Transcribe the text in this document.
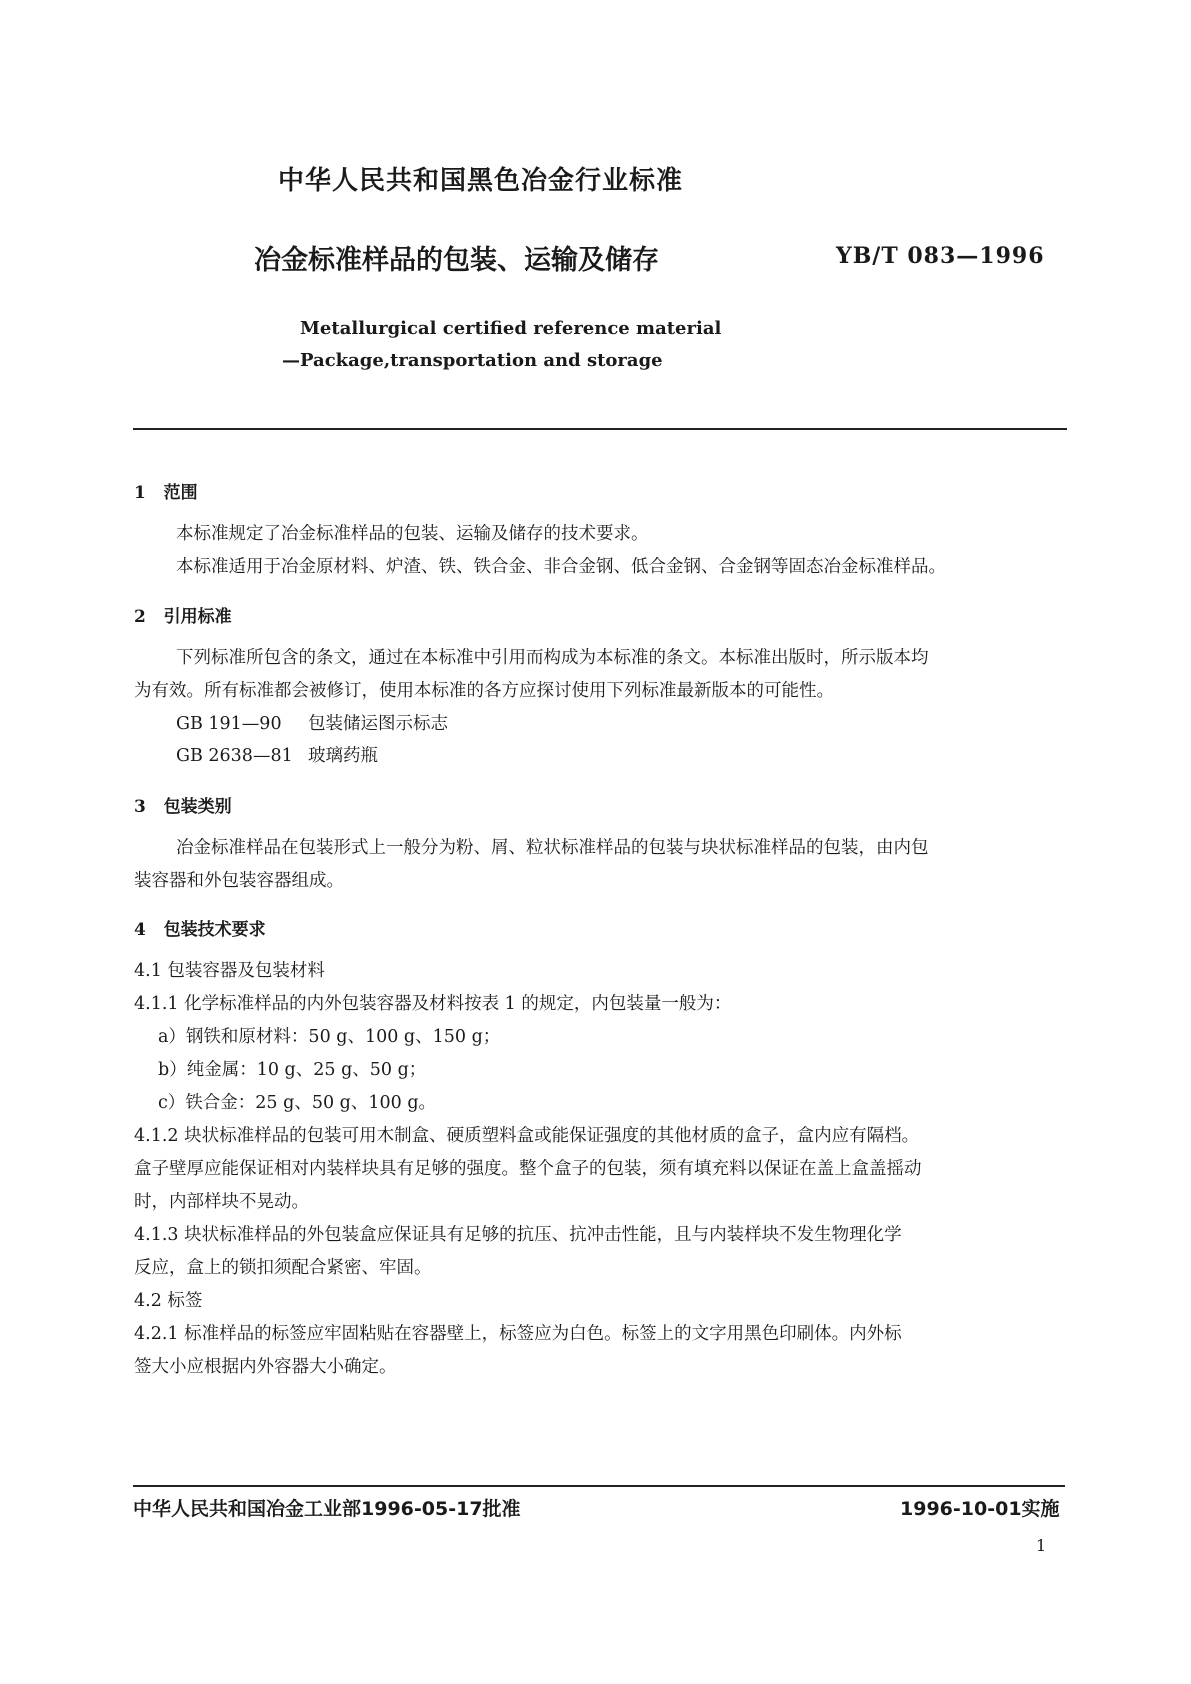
中华人民共和国黑色冶金行业标准
冶金标准样品的包装、运输及储存	YB/T 083—1996
Metallurgical certified reference material
—Package,transportation and storage
1 范围

本标准规定了冶金标准样品的包装、运输及储存的技术要求。

本标准适用于冶金原材料、炉渣、铁、铁合金、非合金钢、低合金钢、合金钢等固态冶金标准样品。

2 引用标准

下列标准所包含的条文，通过在本标准中引用而构成为本标准的条文。本标准出版时，所示版本均

为有效。所有标准都会被修订，使用本标准的各方应探讨使用下列标准最新版本的可能性。

GB 191—90 包装储运图示标志
GB 2638—81 玻璃药瓶
3 包装类别

冶金标准样品在包装形式上一般分为粉、屑、粒状标准样品的包装与块状标准样品的包装，由内包

装容器和外包装容器组成。

4 包装技术要求

4.1 包装容器及包装材料

4.1.1 化学标准样品的内外包装容器及材料按表 1 的规定，内包装量一般为：

a）钢铁和原材料：50 g、100 g、150 g；

b）纯金属：10 g、25 g、50 g；

c）铁合金：25 g、50 g、100 g。

4.1.2 块状标准样品的包装可用木制盒、硬质塑料盒或能保证强度的其他材质的盒子，盒内应有隔档。

盒子壁厚应能保证相对内装样块具有足够的强度。整个盒子的包装，须有填充料以保证在盖上盒盖摇动

时，内部样块不晃动。

4.1.3 块状标准样品的外包装盒应保证具有足够的抗压、抗冲击性能，且与内装样块不发生物理化学

反应，盒上的锁扣须配合紧密、牢固。

4.2 标签

4.2.1 标准样品的标签应牢固粘贴在容器壁上，标签应为白色。标签上的文字用黑色印刷体。内外标

签大小应根据内外容器大小确定。

中华人民共和国冶金工业部1996-05-17批准	1996-10-01实施
1
